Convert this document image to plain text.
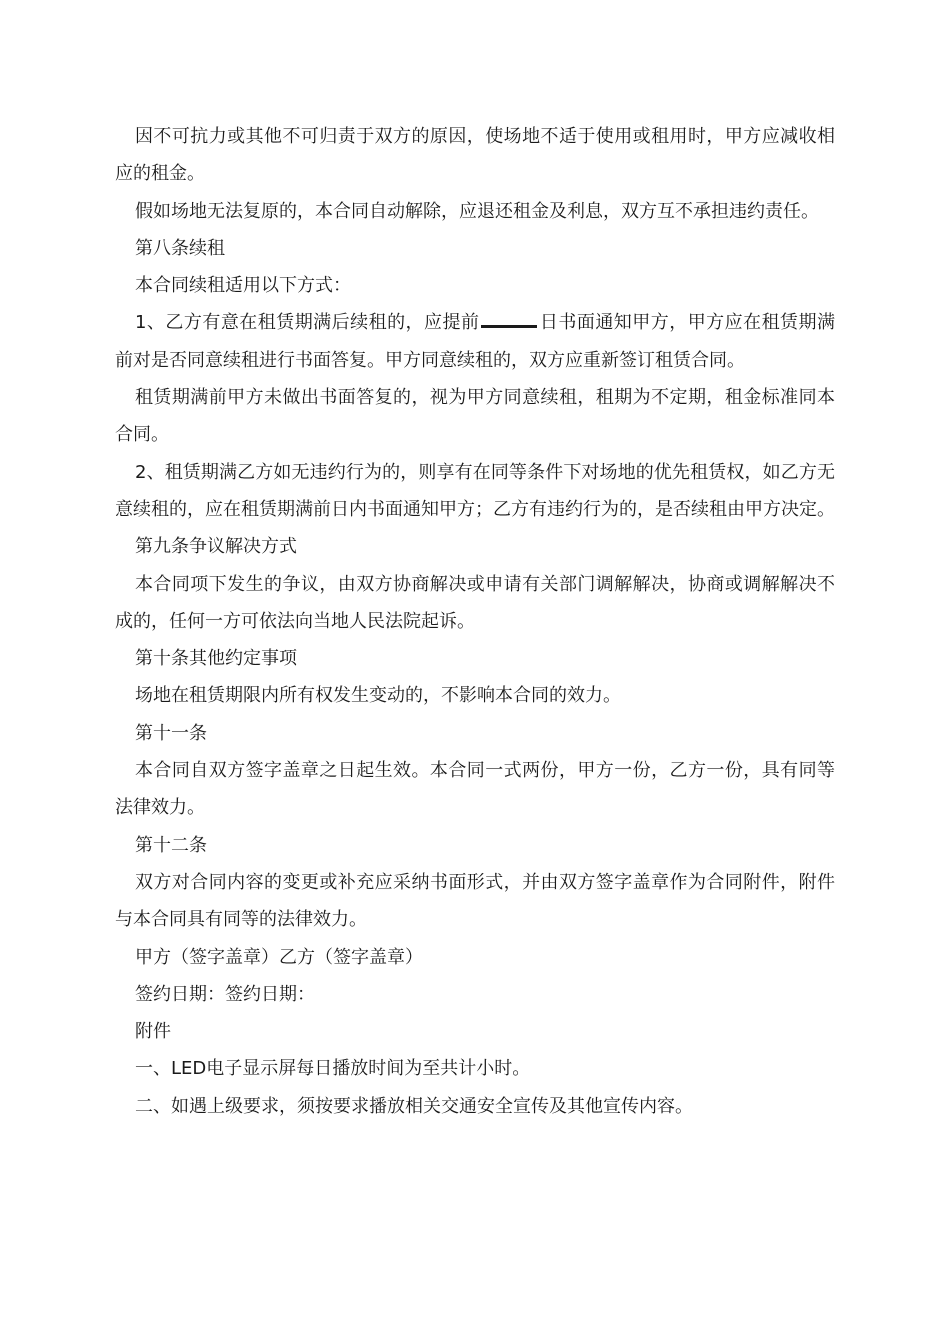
因不可抗力或其他不可归责于双方的原因，使场地不适于使用或租用时，甲方应减收相应的租金。

假如场地无法复原的，本合同自动解除，应退还租金及利息，双方互不承担违约责任。

第八条续租

本合同续租适用以下方式：

1、乙方有意在租赁期满后续租的，应提前	日书面通知甲方，甲方应在租赁期满前对是否同意续租进行书面答复。甲方同意续租的，双方应重新签订租赁合同。

租赁期满前甲方未做出书面答复的，视为甲方同意续租，租期为不定期，租金标准同本合同。

2、租赁期满乙方如无违约行为的，则享有在同等条件下对场地的优先租赁权，如乙方无意续租的，应在租赁期满前日内书面通知甲方；乙方有违约行为的，是否续租由甲方决定。

第九条争议解决方式

本合同项下发生的争议，由双方协商解决或申请有关部门调解解决，协商或调解解决不成的，任何一方可依法向当地人民法院起诉。

第十条其他约定事项

场地在租赁期限内所有权发生变动的，不影响本合同的效力。

第十一条

本合同自双方签字盖章之日起生效。本合同一式两份，甲方一份，乙方一份，具有同等法律效力。

第十二条

双方对合同内容的变更或补充应采纳书面形式，并由双方签字盖章作为合同附件，附件与本合同具有同等的法律效力。

甲方（签字盖章）乙方（签字盖章）

签约日期：签约日期：

附件

一、LED电子显示屏每日播放时间为至共计小时。

二、如遇上级要求，须按要求播放相关交通安全宣传及其他宣传内容。
